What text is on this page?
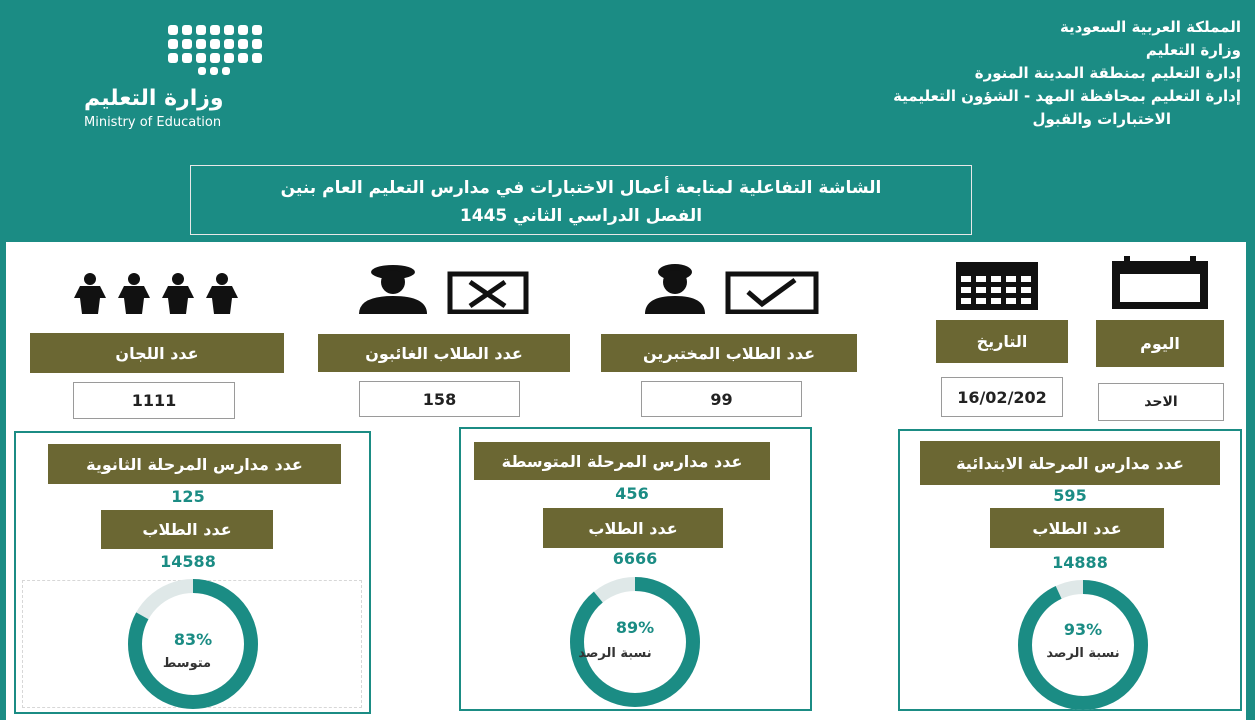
المملكة العربية السعودية
وزارة التعليم
إدارة التعليم بمنطقة المدينة المنورة
إدارة التعليم بمحافظة المهد - الشؤون التعليمية
الاختبارات والقبول
وزارة التعليم
Ministry of Education
الشاشة التفاعلية لمتابعة أعمال الاختبارات في مدارس التعليم العام بنين
الفصل الدراسي الثاني 1445
اليوم
التاريخ
عدد الطلاب المختبرين
عدد الطلاب الغائبون
عدد اللجان
الاحد
16/02/202
99
158
1111
عدد مدارس المرحلة الابتدائية
595
عدد الطلاب
14888
93%
نسبة الرصد
عدد مدارس المرحلة المتوسطة
456
عدد الطلاب
6666
89%
نسبة الرصد
عدد مدارس المرحلة الثانوية
125
عدد الطلاب
14588
83%
متوسط
